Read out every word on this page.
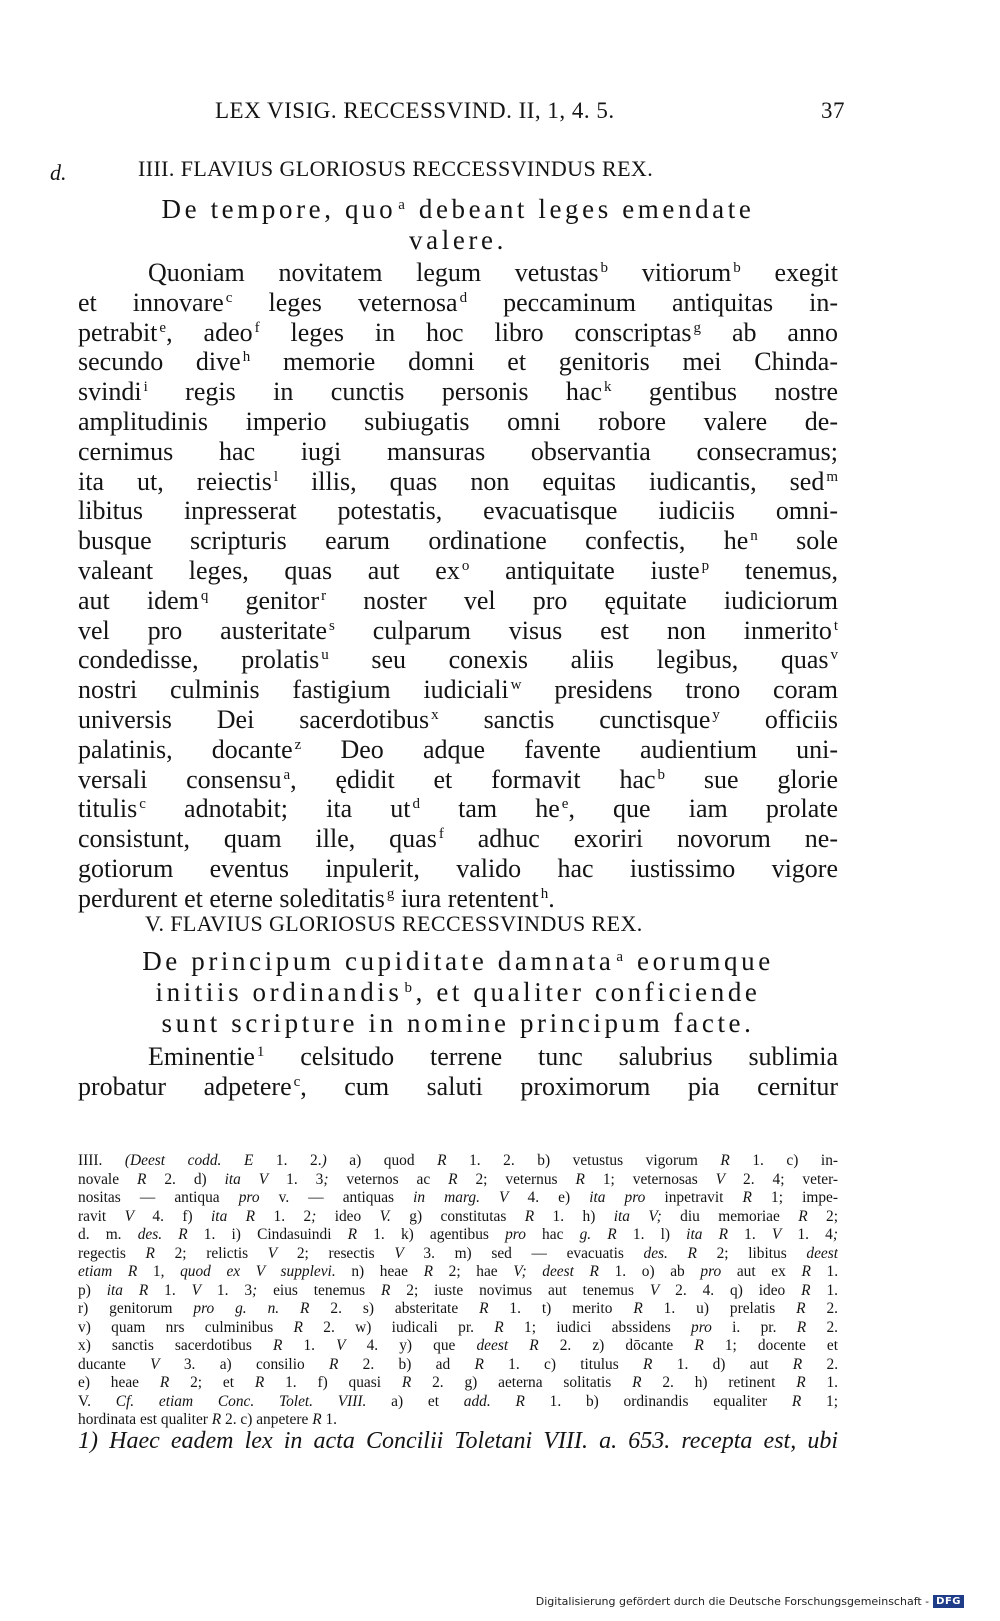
LEX VISIG. RECCESSVIND. II, 1, 4. 5.	37
d.	IIII. FLAVIUS GLORIOSUS RECCESSVINDUS REX.
De tempore, quo $^a$ debeant leges emendate
valere.
Quoniam novitatem legum vetustas $^b$ vitiorum $^b$ exegit
et innovare $^c$ leges veternosa $^d$ peccaminum antiquitas in-
petrabit $^e$, adeo $^f$ leges in hoc libro conscriptas $^g$ ab anno
secundo dive $^h$ memorie domni et genitoris mei Chinda-
svindi $^i$ regis in cunctis personis hac $^k$ gentibus nostre
amplitudinis imperio subiugatis omni robore valere de-
cernimus hac iugi mansuras observantia consecramus;
ita ut, reiectis $^l$ illis, quas non equitas iudicantis, sed $^m$
libitus inpresserat potestatis, evacuatisque iudiciis omni-
busque scripturis earum ordinatione confectis, he $^n$ sole
valeant leges, quas aut ex $^o$ antiquitate iuste $^p$ tenemus,
aut idem $^q$ genitor $^r$ noster vel pro ęquitate iudiciorum
vel pro austeritate $^s$ culparum visus est non inmerito $^t$
condedisse, prolatis $^u$ seu conexis aliis legibus, quas $^v$
nostri culminis fastigium iudiciali $^w$ presidens trono coram
universis Dei sacerdotibus $^x$ sanctis cunctisque $^y$ officiis
palatinis, docante $^z$ Deo adque favente audientium uni-
versali consensu $^a$, ędidit et formavit hac $^b$ sue glorie
titulis $^c$ adnotabit; ita ut $^d$ tam he $^e$, que iam prolate
consistunt, quam ille, quas $^f$ adhuc exoriri novorum ne-
gotiorum eventus inpulerit, valido hac iustissimo vigore
perdurent et eterne soleditatis $^g$ iura retentent $^h$.
V. FLAVIUS GLORIOSUS RECCESSVINDUS REX.
De principum cupiditate damnata $^a$ eorumque
initiis ordinandis $^b$, et qualiter conficiende
sunt scripture in nomine principum facte.
Eminentie $^1$ celsitudo terrene tunc salubrius sublimia
probatur adpetere $^c$, cum saluti proximorum pia cernitur
IIII. (Deest codd. E 1. 2.) a) quod R 1. 2. b) vetustus vigorum R 1. c) in-
novale R 2. d) ita V 1. 3; veternos ac R 2; veternus R 1; veternosas V 2. 4; veter-
nositas — antiqua pro v. — antiquas in marg. V 4. e) ita pro inpetravit R 1; impe-
ravit V 4. f) ita R 1. 2; ideo V. g) constitutas R 1. h) ita V; diu memoriae R 2;
d. m. des. R 1. i) Cindasuindi R 1. k) agentibus pro hac g. R 1. l) ita R 1. V 1. 4;
regectis R 2; relictis V 2; resectis V 3. m) sed — evacuatis des. R 2; libitus deest
etiam R 1, quod ex V supplevi. n) heae R 2; hae V; deest R 1. o) ab pro aut ex R 1.
p) ita R 1. V 1. 3; eius tenemus R 2; iuste novimus aut tenemus V 2. 4. q) ideo R 1.
r) genitorum pro g. n. R 2. s) absteritate R 1. t) merito R 1. u) prelatis R 2.
v) quam nrs culminibus R 2. w) iudicali pr. R 1; iudici abssidens pro i. pr. R 2.
x) sanctis sacerdotibus R 1. V 4. y) que deest R 2. z) dōcante R 1; docente et
ducante V 3. a) consilio R 2. b) ad R 1. c) titulus R 1. d) aut R 2.
e) heae R 2; et R 1. f) quasi R 2. g) aeterna solitatis R 2. h) retinent R 1.
V. Cf. etiam Conc. Tolet. VIII. a) et add. R 1. b) ordinandis equaliter R 1;
hordinata est qualiter R 2. c) anpetere R 1.
1) Haec eadem lex in acta Concilii Toletani VIII. a. 653. recepta est, ubi
Digitalisierung gefördert durch die Deutsche Forschungsgemeinschaft - DFG
